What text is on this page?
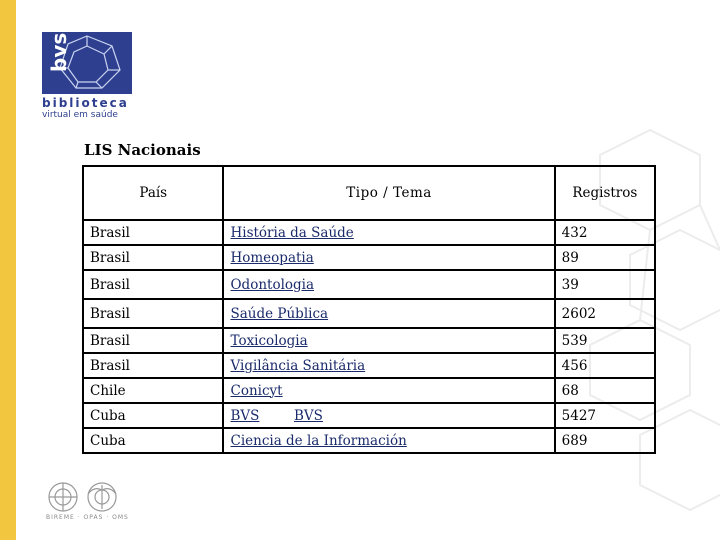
bvs
biblioteca
virtual em saúde
LIS Nacionais
País	Tipo / Tema	Registros
Brasil	História da Saúde	432
Brasil	Homeopatia	89
Brasil	Odontologia	39
Brasil	Saúde Pública	2602
Brasil	Toxicologia	539
Brasil	Vigilância Sanitária	456
Chile	Conicyt	68
Cuba	BVS BVS	5427
Cuba	Ciencia de la Información	689
BIREME · OPAS · OMS
